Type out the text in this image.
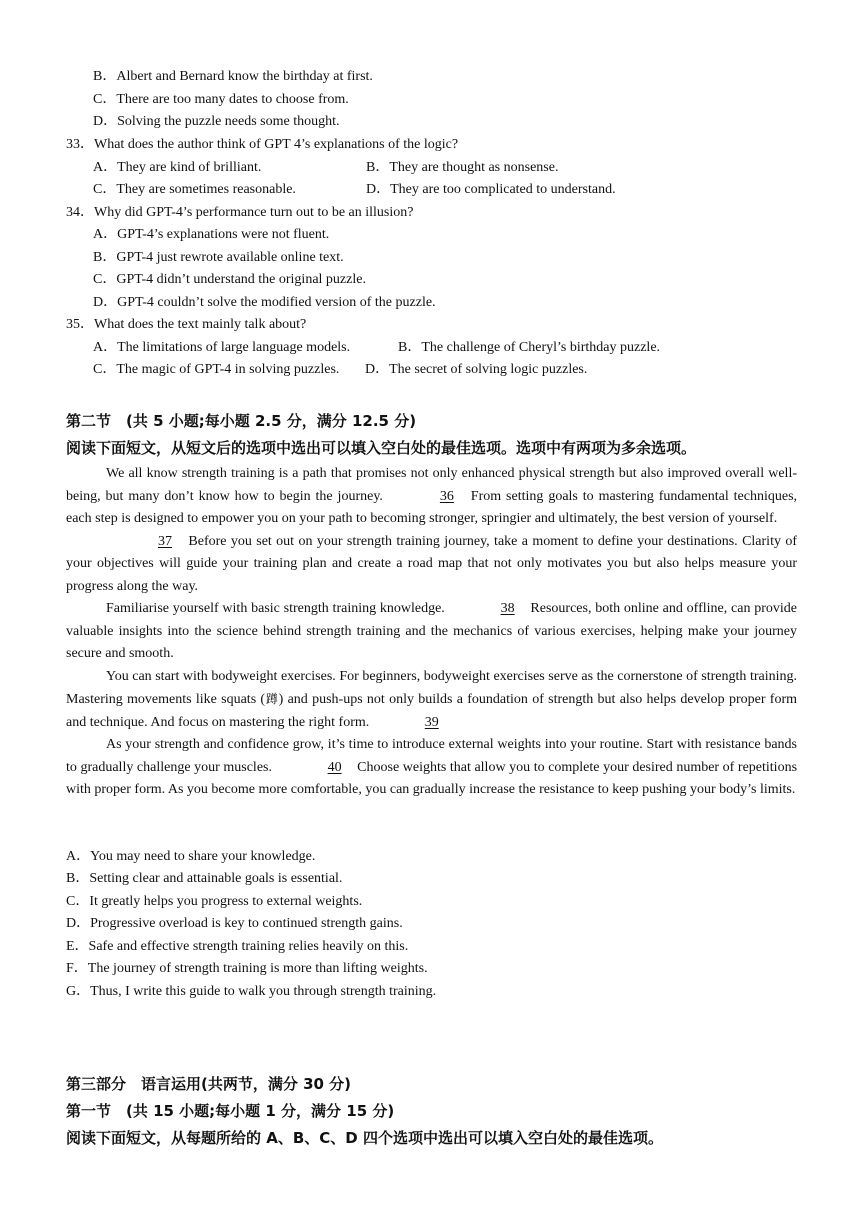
B．Albert and Bernard know the birthday at first.
C．There are too many dates to choose from.
D．Solving the puzzle needs some thought.
33．What does the author think of GPT 4’s explanations of the logic?
A．They are kind of brilliant.	B．They are thought as nonsense.
C．They are sometimes reasonable.	D．They are too complicated to understand.
34．Why did GPT-4’s performance turn out to be an illusion?
A．GPT-4’s explanations were not fluent.
B．GPT-4 just rewrote available online text.
C．GPT-4 didn’t understand the original puzzle.
D．GPT-4 couldn’t solve the modified version of the puzzle.
35．What does the text mainly talk about?
A．The limitations of large language models.	B．The challenge of Cheryl’s birthday puzzle.
C．The magic of GPT-4 in solving puzzles. D．The secret of solving logic puzzles.
第二节　(共 5 小题;每小题 2.5 分，满分 12.5 分)
阅读下面短文，从短文后的选项中选出可以填入空白处的最佳选项。选项中有两项为多余选项。

We all know strength training is a path that promises not only enhanced physical strength but also improved overall well-being, but many don’t know how to begin the journey.	36 From setting goals to mastering fundamental techniques, each step is designed to empower you on your path to becoming stronger, springier and ultimately, the best version of yourself.

37 Before you set out on your strength training journey, take a moment to define your destinations. Clarity of your objectives will guide your training plan and create a road map that not only motivates you but also helps measure your progress along the way.

Familiarise yourself with basic strength training knowledge.	38 Resources, both online and offline, can provide valuable insights into the science behind strength training and the mechanics of various exercises, helping make your journey secure and smooth.

You can start with bodyweight exercises. For beginners, bodyweight exercises serve as the cornerstone of strength training. Mastering movements like squats (蹲) and push-ups not only builds a foundation of strength but also helps develop proper form and technique. And focus on mastering the right form.	39

As your strength and confidence grow, it’s time to introduce external weights into your routine. Start with resistance bands to gradually challenge your muscles.	40 Choose weights that allow you to complete your desired number of repetitions with proper form. As you become more comfortable, you can gradually increase the resistance to keep pushing your body’s limits.

A．You may need to share your knowledge.
B．Setting clear and attainable goals is essential.
C．It greatly helps you progress to external weights.
D．Progressive overload is key to continued strength gains.
E．Safe and effective strength training relies heavily on this.
F．The journey of strength training is more than lifting weights.
G．Thus, I write this guide to walk you through strength training.
第三部分　语言运用(共两节，满分 30 分)
第一节　(共 15 小题;每小题 1 分，满分 15 分)
阅读下面短文，从每题所给的 A、B、C、D 四个选项中选出可以填入空白处的最佳选项。
